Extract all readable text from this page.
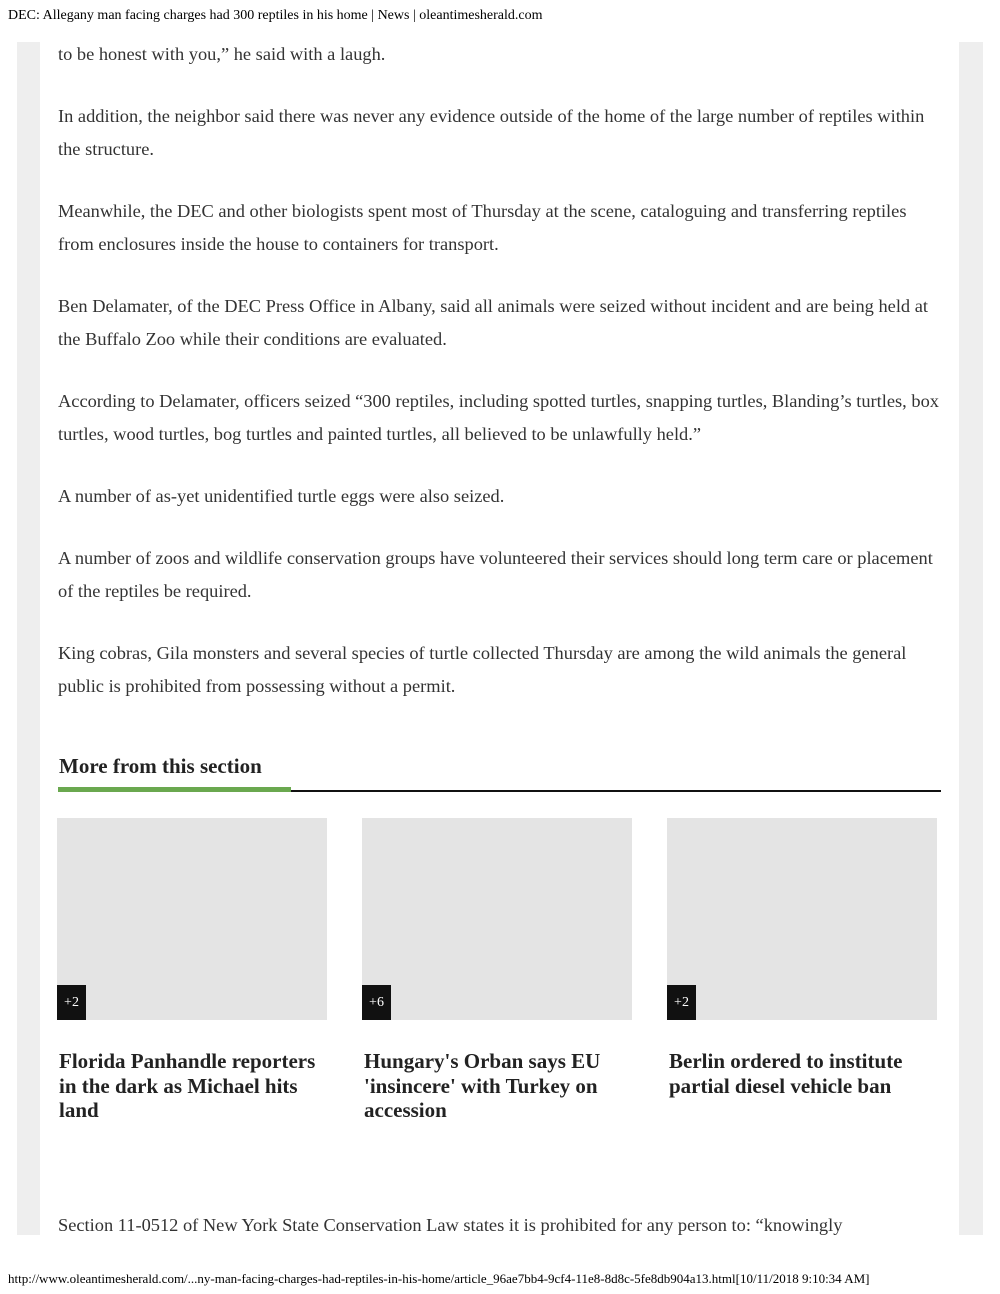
DEC: Allegany man facing charges had 300 reptiles in his home | News | oleantimesherald.com

to be honest with you,” he said with a laugh.

In addition, the neighbor said there was never any evidence outside of the home of the large number of reptiles within the structure.

Meanwhile, the DEC and other biologists spent most of Thursday at the scene, cataloguing and transferring reptiles from enclosures inside the house to containers for transport.

Ben Delamater, of the DEC Press Office in Albany, said all animals were seized without incident and are being held at the Buffalo Zoo while their conditions are evaluated.

According to Delamater, officers seized “300 reptiles, including spotted turtles, snapping turtles, Blanding’s turtles, box turtles, wood turtles, bog turtles and painted turtles, all believed to be unlawfully held.”

A number of as-yet unidentified turtle eggs were also seized.

A number of zoos and wildlife conservation groups have volunteered their services should long term care or placement of the reptiles be required.

King cobras, Gila monsters and several species of turtle collected Thursday are among the wild animals the general public is prohibited from possessing without a permit.

More from this section
+2
Florida Panhandle reporters in the dark as Michael hits land
+6
Hungary's Orban says EU 'insincere' with Turkey on accession
+2
Berlin ordered to institute partial diesel vehicle ban

Section 11-0512 of New York State Conservation Law states it is prohibited for any person to: “knowingly

http://www.oleantimesherald.com/...ny-man-facing-charges-had-reptiles-in-his-home/article_96ae7bb4-9cf4-11e8-8d8c-5fe8db904a13.html[10/11/2018 9:10:34 AM]
